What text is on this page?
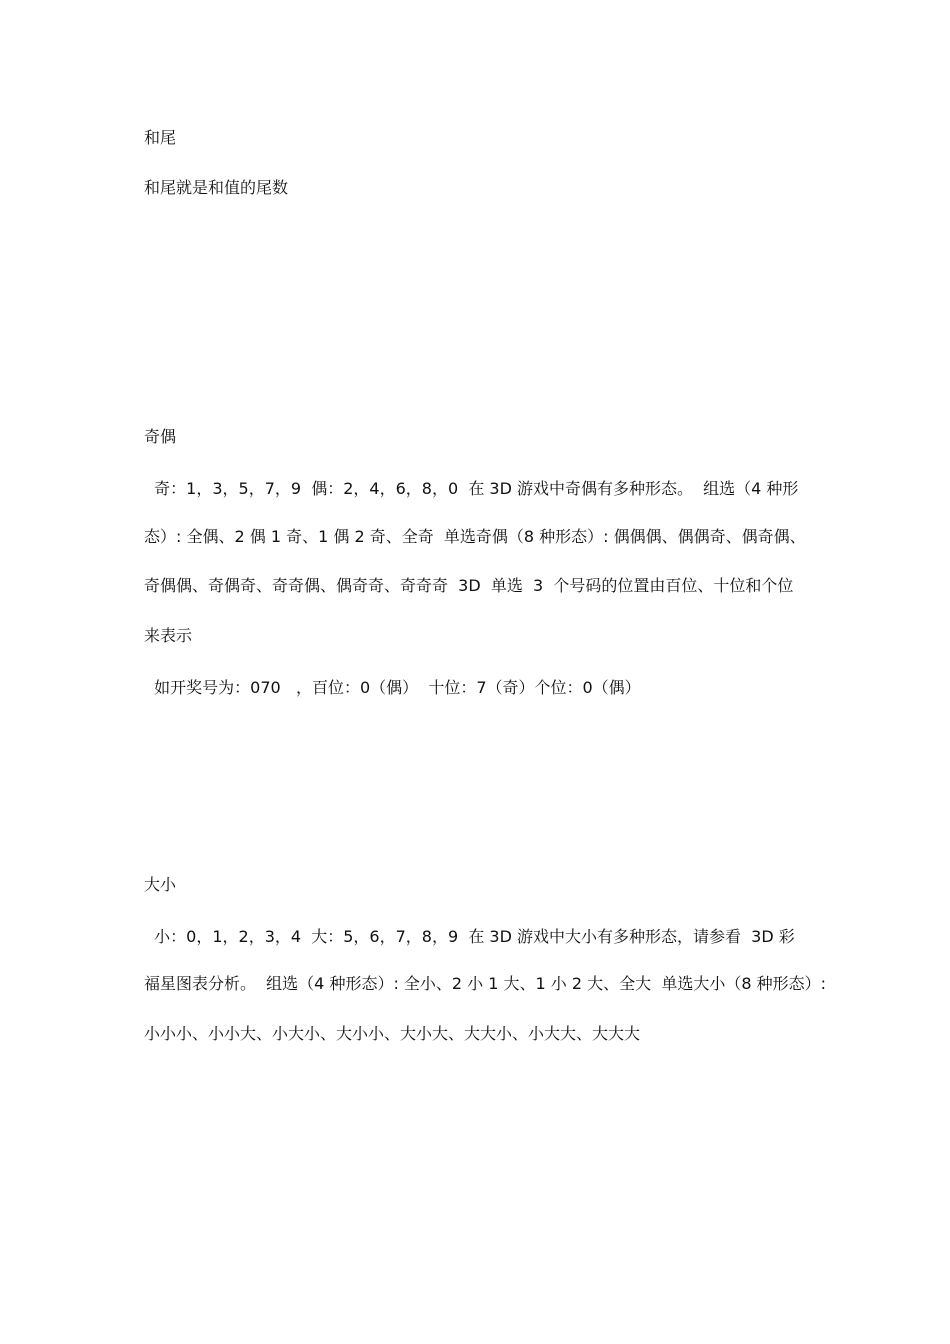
和尾
和尾就是和值的尾数
奇偶
奇：1，3，5，7，9  偶：2，4，6，8，0  在 3D 游戏中奇偶有多种形态。  组选（4 种形
态）: 全偶、2 偶 1 奇、1 偶 2 奇、全奇  单选奇偶（8 种形态）: 偶偶偶、偶偶奇、偶奇偶、
奇偶偶、奇偶奇、奇奇偶、偶奇奇、奇奇奇  3D  单选  3  个号码的位置由百位、十位和个位
来表示
如开奖号为：070   ，百位：0（偶）  十位：7（奇）个位：0（偶）
大小
小：0，1，2，3，4  大：5，6，7，8，9  在 3D 游戏中大小有多种形态，请参看  3D 彩
福星图表分析。  组选（4 种形态）: 全小、2 小 1 大、1 小 2 大、全大  单选大小（8 种形态）:
小小小、小小大、小大小、大小小、大小大、大大小、小大大、大大大
